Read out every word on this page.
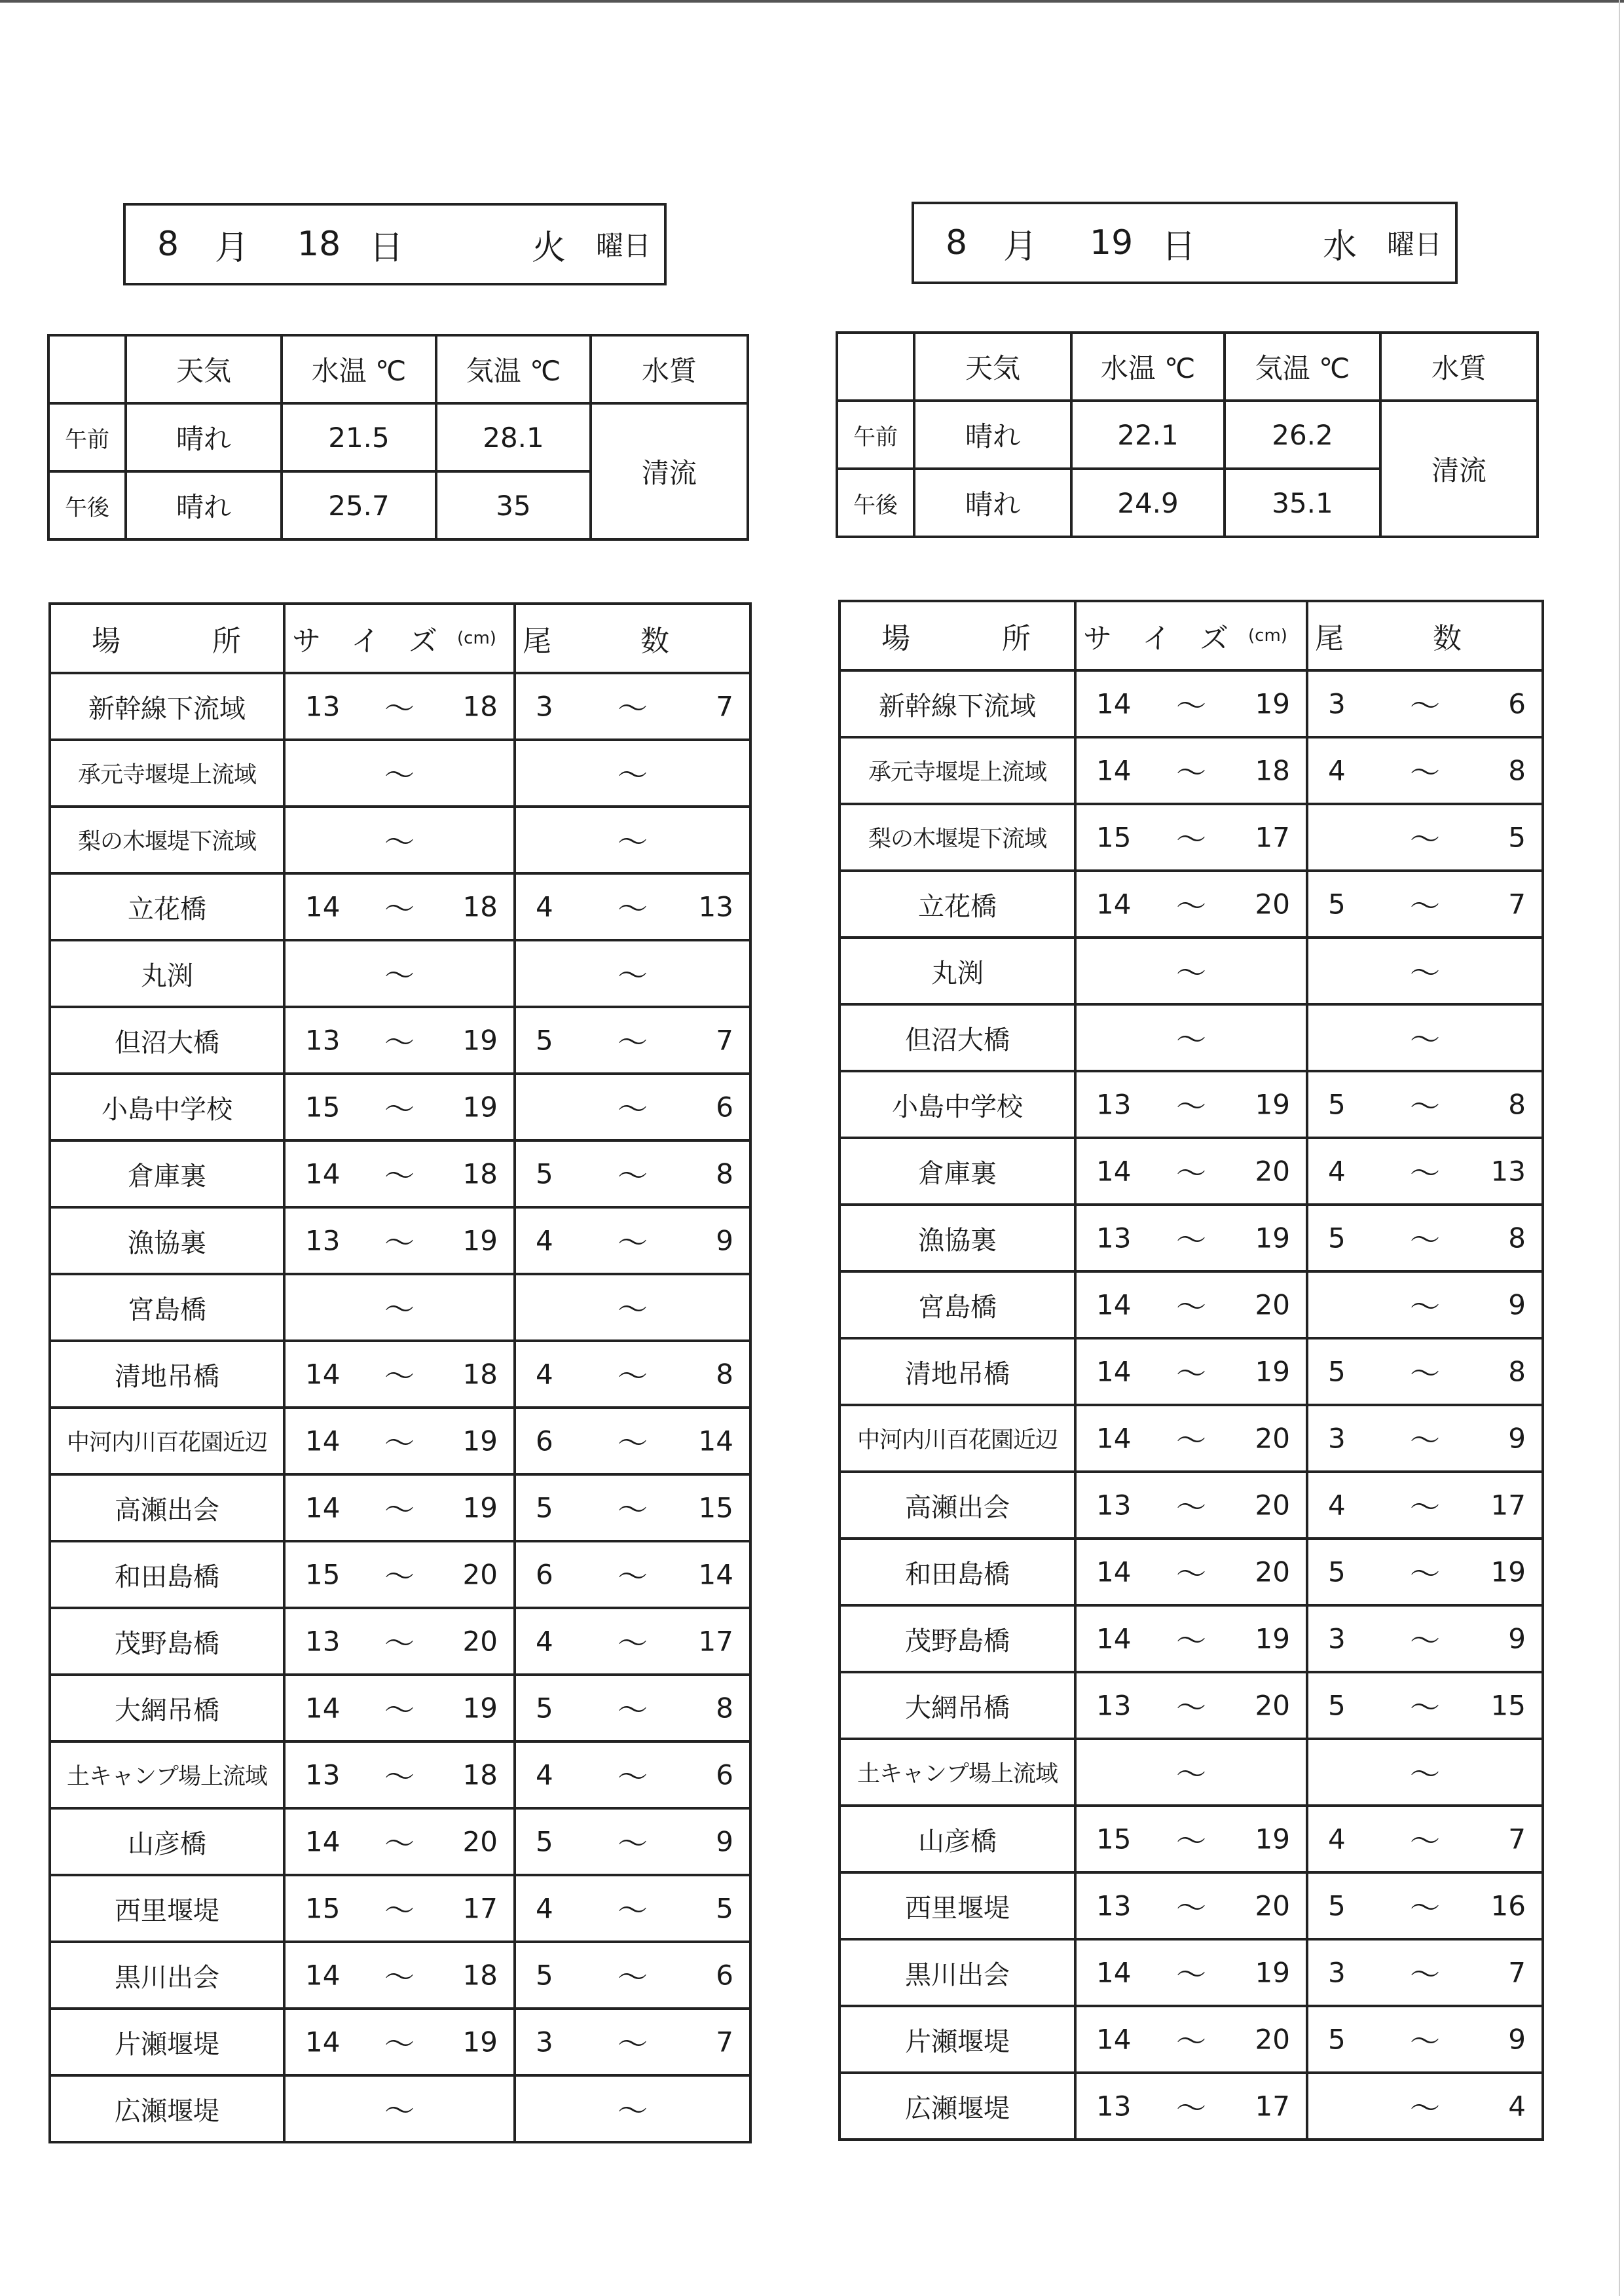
8 月 18 日	火 曜日
	天気	水温 ℃	気温 ℃	水質
午前	晴れ	21.5	28.1	清流
午後	晴れ	25.7	35	
場 所	サ イ ズ (cm)	尾 数

新幹線下流域	13 〜 18	3 〜 7

承元寺堰堤上流域	〜	〜

梨の木堰堤下流域	〜	〜

立花橋	14 〜 18	4 〜 13

丸渕	〜	〜

但沼大橋	13 〜 19	5 〜 7

小島中学校	15 〜 19	〜 6

倉庫裏	14 〜 18	5 〜 8

漁協裏	13 〜 19	4 〜 9

宮島橋	〜	〜

清地吊橋	14 〜 18	4 〜 8

中河内川百花園近辺	14 〜 19	6 〜 14

高瀬出会	14 〜 19	5 〜 15

和田島橋	15 〜 20	6 〜 14

茂野島橋	13 〜 20	4 〜 17

大網吊橋	14 〜 19	5 〜 8

土キャンプ場上流域	13 〜 18	4 〜 6

山彦橋	14 〜 20	5 〜 9

西里堰堤	15 〜 17	4 〜 5

黒川出会	14 〜 18	5 〜 6

片瀬堰堤	14 〜 19	3 〜 7

広瀬堰堤	〜	〜
8 月 19 日	水 曜日
	天気	水温 ℃	気温 ℃	水質
午前	晴れ	22.1	26.2	清流
午後	晴れ	24.9	35.1	
場 所	サ イ ズ (cm)	尾 数

新幹線下流域	14 〜 19	3 〜 6

承元寺堰堤上流域	14 〜 18	4 〜 8

梨の木堰堤下流域	15 〜 17	〜 5

立花橋	14 〜 20	5 〜 7

丸渕	〜	〜

但沼大橋	〜	〜

小島中学校	13 〜 19	5 〜 8

倉庫裏	14 〜 20	4 〜 13

漁協裏	13 〜 19	5 〜 8

宮島橋	14 〜 20	〜 9

清地吊橋	14 〜 19	5 〜 8

中河内川百花園近辺	14 〜 20	3 〜 9

高瀬出会	13 〜 20	4 〜 17

和田島橋	14 〜 20	5 〜 19

茂野島橋	14 〜 19	3 〜 9

大網吊橋	13 〜 20	5 〜 15

土キャンプ場上流域	〜	〜

山彦橋	15 〜 19	4 〜 7

西里堰堤	13 〜 20	5 〜 16

黒川出会	14 〜 19	3 〜 7

片瀬堰堤	14 〜 20	5 〜 9

広瀬堰堤	13 〜 17	〜 4
